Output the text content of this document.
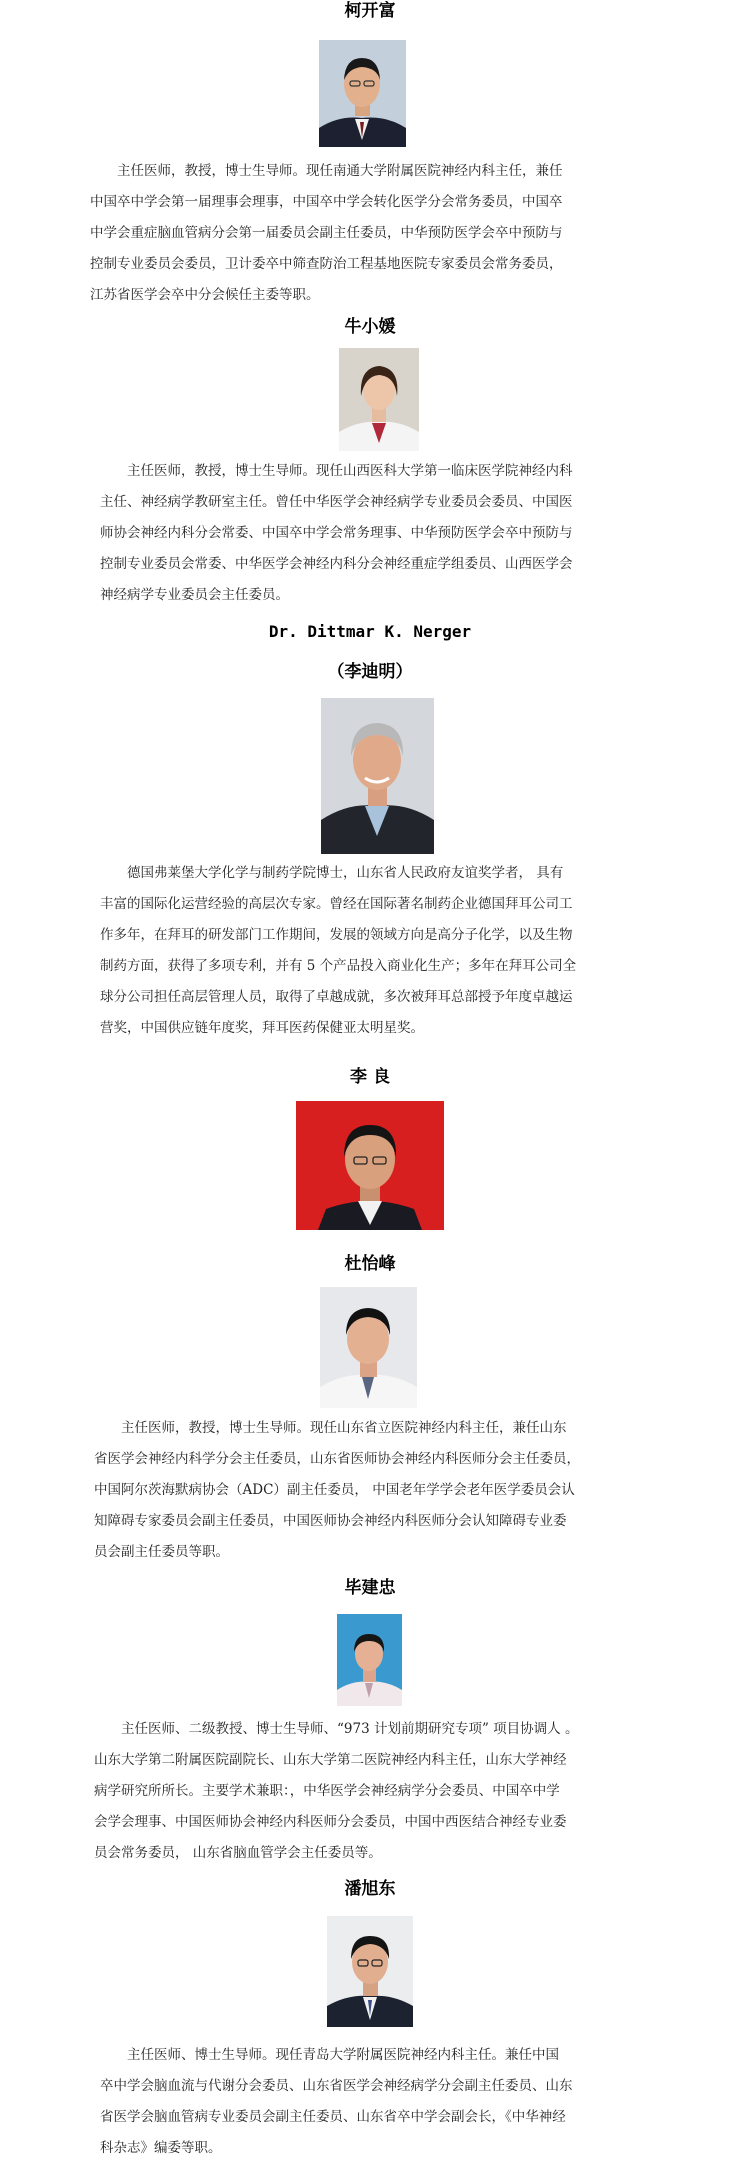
柯开富
主任医师，教授，博士生导师。现任南通大学附属医院神经内科主任，兼任
中国卒中学会第一届理事会理事，中国卒中学会转化医学分会常务委员，中国卒
中学会重症脑血管病分会第一届委员会副主任委员，中华预防医学会卒中预防与
控制专业委员会委员，卫计委卒中筛查防治工程基地医院专家委员会常务委员，
江苏省医学会卒中分会候任主委等职。
牛小媛
主任医师，教授，博士生导师。现任山西医科大学第一临床医学院神经内科
主任、神经病学教研室主任。曾任中华医学会神经病学专业委员会委员、中国医
师协会神经内科分会常委、中国卒中学会常务理事、中华预防医学会卒中预防与
控制专业委员会常委、中华医学会神经内科分会神经重症学组委员、山西医学会
神经病学专业委员会主任委员。
Dr. Dittmar K. Nerger
（李迪明）
德国弗莱堡大学化学与制药学院博士，山东省人民政府友谊奖学者， 具有
丰富的国际化运营经验的高层次专家。曾经在国际著名制药企业德国拜耳公司工
作多年，在拜耳的研发部门工作期间，发展的领域方向是高分子化学，以及生物
制药方面，获得了多项专利，并有 5 个产品投入商业化生产；多年在拜耳公司全
球分公司担任高层管理人员，取得了卓越成就，多次被拜耳总部授予年度卓越运
营奖，中国供应链年度奖，拜耳医药保健亚太明星奖。
李 良
杜怡峰
主任医师，教授，博士生导师。现任山东省立医院神经内科主任，兼任山东
省医学会神经内科学分会主任委员，山东省医师协会神经内科医师分会主任委员，
中国阿尔茨海默病协会（ADC）副主任委员， 中国老年学学会老年医学委员会认
知障碍专家委员会副主任委员，中国医师协会神经内科医师分会认知障碍专业委
员会副主任委员等职。
毕建忠
主任医师、二级教授、博士生导师、“973 计划前期研究专项” 项目协调人 。
山东大学第二附属医院副院长、山东大学第二医院神经内科主任，山东大学神经
病学研究所所长。主要学术兼职：，中华医学会神经病学分会委员、中国卒中学
会学会理事、中国医师协会神经内科医师分会委员，中国中西医结合神经专业委
员会常务委员， 山东省脑血管学会主任委员等。
潘旭东
主任医师、博士生导师。现任青岛大学附属医院神经内科主任。兼任中国
卒中学会脑血流与代谢分会委员、山东省医学会神经病学分会副主任委员、山东
省医学会脑血管病专业委员会副主任委员、山东省卒中学会副会长，《中华神经
科杂志》编委等职。
